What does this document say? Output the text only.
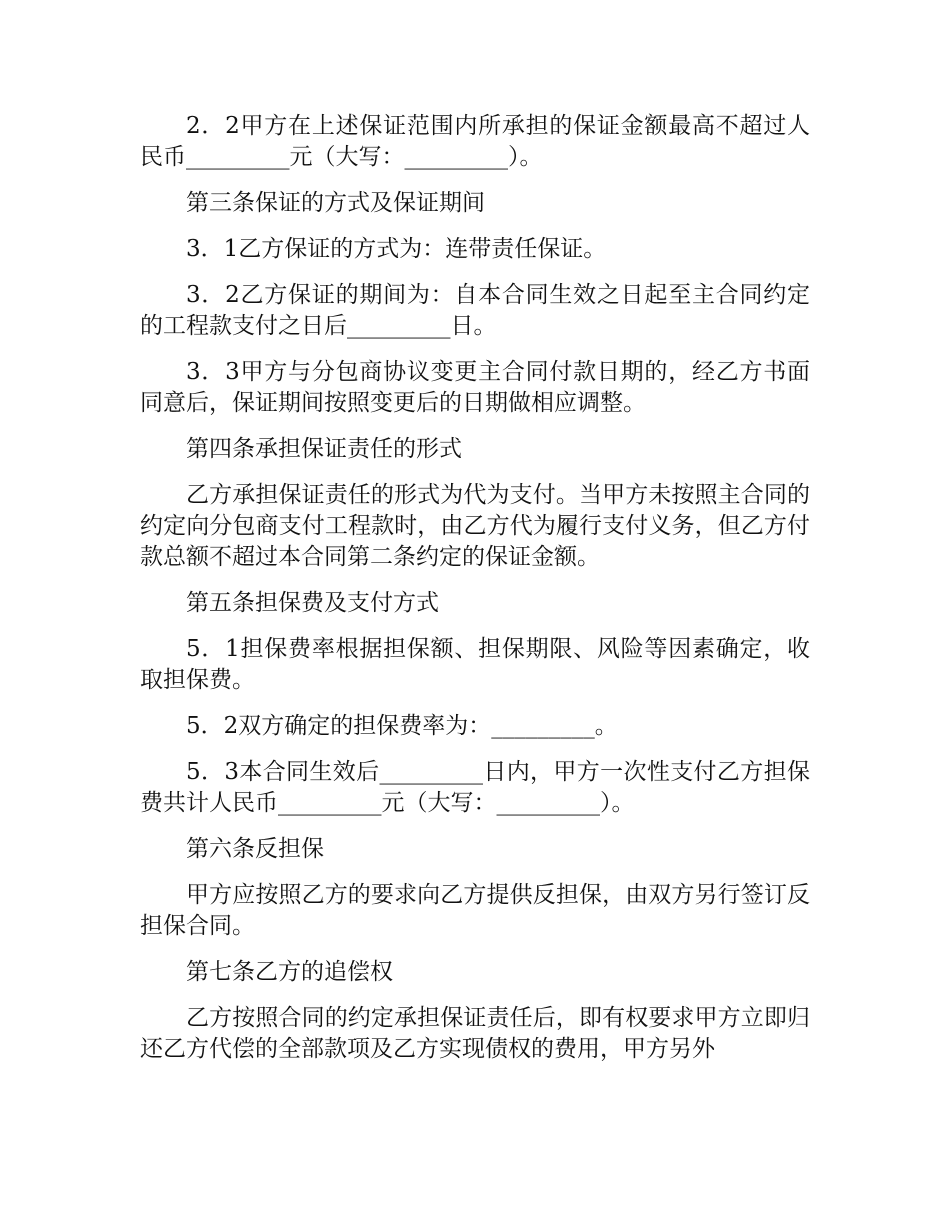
2．2甲方在上述保证范围内所承担的保证金额最高不超过人民币_________元（大写：_________）。

第三条保证的方式及保证期间

3．1乙方保证的方式为：连带责任保证。

3．2乙方保证的期间为：自本合同生效之日起至主合同约定的工程款支付之日后_________日。

3．3甲方与分包商协议变更主合同付款日期的，经乙方书面同意后，保证期间按照变更后的日期做相应调整。

第四条承担保证责任的形式

乙方承担保证责任的形式为代为支付。当甲方未按照主合同的约定向分包商支付工程款时，由乙方代为履行支付义务，但乙方付款总额不超过本合同第二条约定的保证金额。

第五条担保费及支付方式

5．1担保费率根据担保额、担保期限、风险等因素确定，收取担保费。

5．2双方确定的担保费率为：_________。

5．3本合同生效后_________日内，甲方一次性支付乙方担保费共计人民币_________元（大写：_________）。

第六条反担保

甲方应按照乙方的要求向乙方提供反担保，由双方另行签订反担保合同。

第七条乙方的追偿权

乙方按照合同的约定承担保证责任后，即有权要求甲方立即归还乙方代偿的全部款项及乙方实现债权的费用，甲方另外
